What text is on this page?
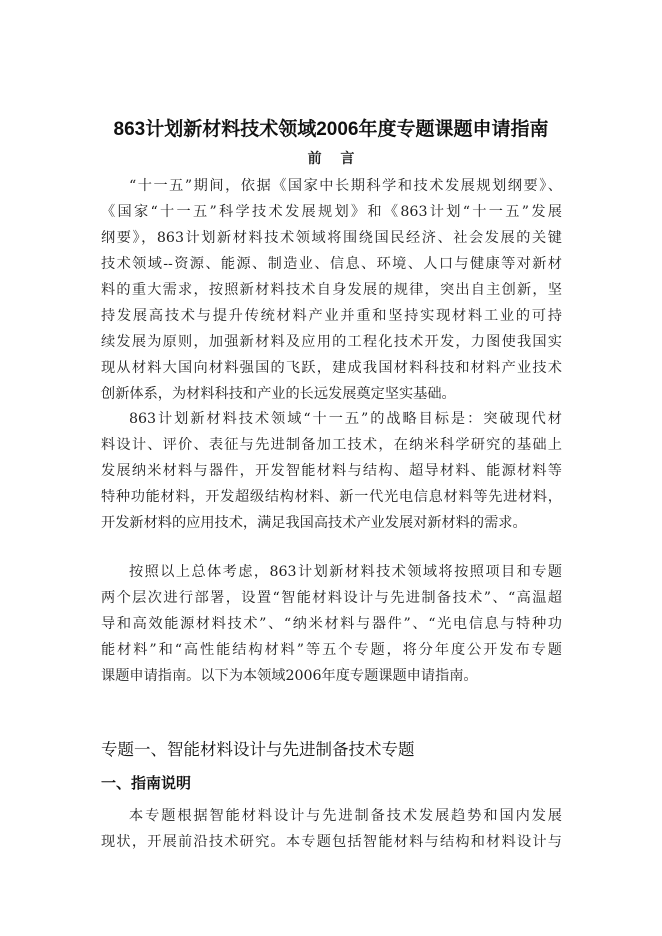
863计划新材料技术领域2006年度专题课题申请指南
前 言
“十一五”期间，依据《国家中长期科学和技术发展规划纲要》、
《国家“十一五”科学技术发展规划》和《863计划“十一五”发展
纲要》，863计划新材料技术领域将围绕国民经济、社会发展的关键
技术领域--资源、能源、制造业、信息、环境、人口与健康等对新材
料的重大需求，按照新材料技术自身发展的规律，突出自主创新，坚
持发展高技术与提升传统材料产业并重和坚持实现材料工业的可持
续发展为原则，加强新材料及应用的工程化技术开发，力图使我国实
现从材料大国向材料强国的飞跃，建成我国材料科技和材料产业技术
创新体系，为材料科技和产业的长远发展奠定坚实基础。
863计划新材料技术领域“十一五”的战略目标是：突破现代材
料设计、评价、表征与先进制备加工技术，在纳米科学研究的基础上
发展纳米材料与器件，开发智能材料与结构、超导材料、能源材料等
特种功能材料，开发超级结构材料、新一代光电信息材料等先进材料，
开发新材料的应用技术，满足我国高技术产业发展对新材料的需求。
按照以上总体考虑，863计划新材料技术领域将按照项目和专题
两个层次进行部署，设置“智能材料设计与先进制备技术”、“高温超
导和高效能源材料技术”、“纳米材料与器件”、“光电信息与特种功
能材料”和“高性能结构材料”等五个专题，将分年度公开发布专题
课题申请指南。以下为本领域2006年度专题课题申请指南。
专题一、智能材料设计与先进制备技术专题
一、指南说明
本专题根据智能材料设计与先进制备技术发展趋势和国内发展
现状，开展前沿技术研究。本专题包括智能材料与结构和材料设计与
